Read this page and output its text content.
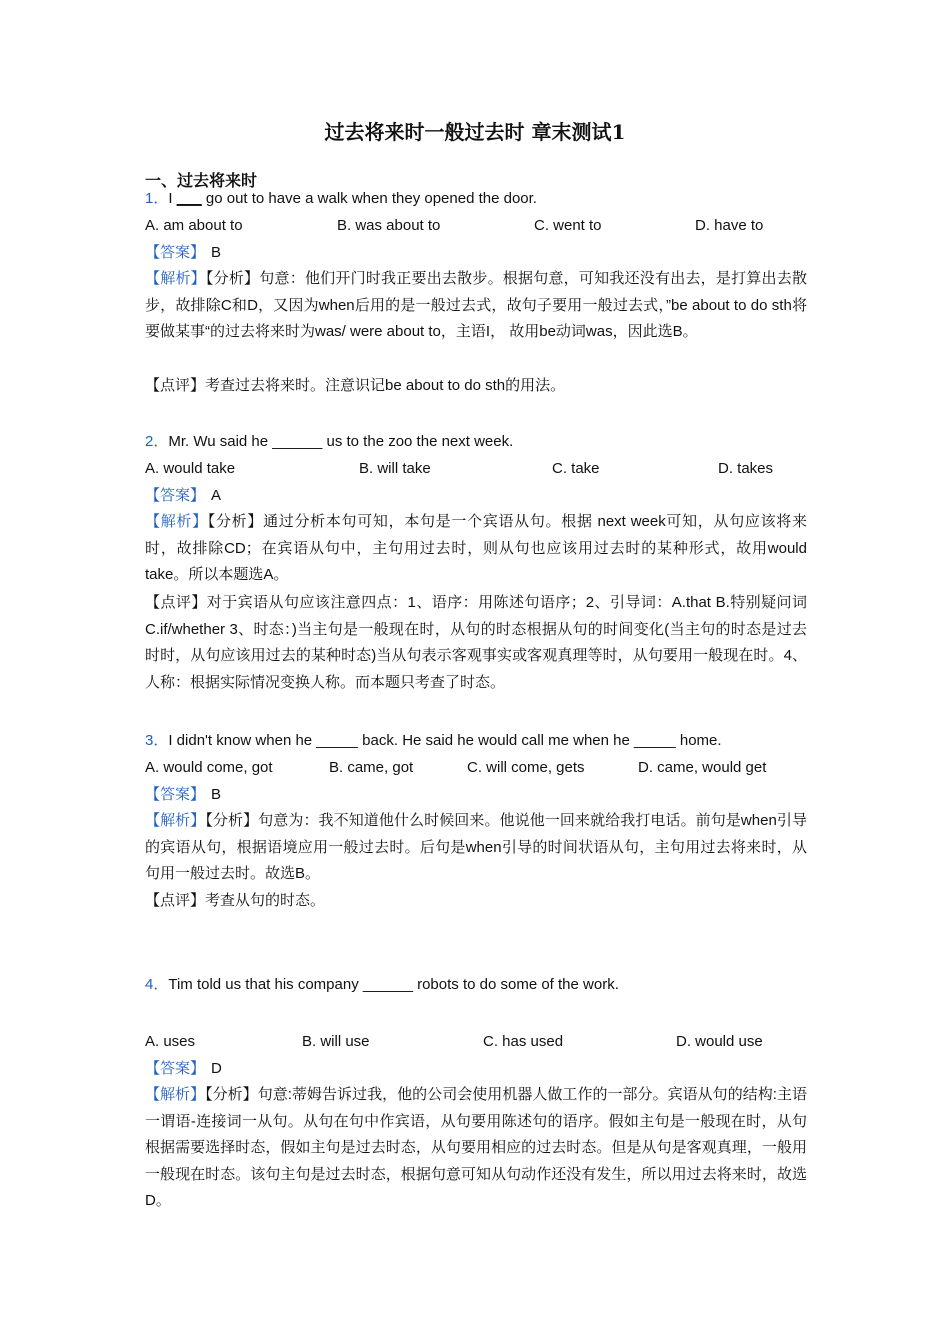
过去将来时一般过去时 章末测试1
一、过去将来时
1．I ___ go out to have a walk when they opened the door.
A. am about to	B. was about to	C. went to	D. have to
【答案】 B
【解析】【分析】句意：他们开门时我正要出去散步。根据句意，可知我还没有出去，是打算出去散步，故排除C和D，又因为when后用的是一般过去式，故句子要用一般过去式，”be about to do sth将要做某事“的过去将来时为was/ were about to，主语I， 故用be动词was，因此选B。
【点评】考查过去将来时。注意识记be about to do sth的用法。
2．Mr. Wu said he ______ us to the zoo the next week.
A. would take	B. will take	C. take	D. takes
【答案】 A
【解析】【分析】通过分析本句可知，本句是一个宾语从句。根据 next week可知，从句应该将来时，故排除CD；在宾语从句中，主句用过去时，则从句也应该用过去时的某种形式，故用would take。所以本题选A。
【点评】对于宾语从句应该注意四点：1、语序：用陈述句语序；2、引导词：A.that B.特别疑问词 C.if/whether 3、时态：)当主句是一般现在时，从句的时态根据从句的时间变化(当主句的时态是过去时时，从句应该用过去的某种时态)当从句表示客观事实或客观真理等时，从句要用一般现在时。4、人称：根据实际情况变换人称。而本题只考查了时态。
3．I didn't know when he _____ back. He said he would call me when he _____ home.
A. would come, got	B. came, got	C. will come, gets	D. came, would get
【答案】 B
【解析】【分析】句意为：我不知道他什么时候回来。他说他一回来就给我打电话。前句是when引导的宾语从句，根据语境应用一般过去时。后句是when引导的时间状语从句，主句用过去将来时，从句用一般过去时。故选B。
【点评】考查从句的时态。
4．Tim told us that his company ______ robots to do some of the work.
A. uses	B. will use	C. has used	D. would use
【答案】 D
【解析】【分析】句意:蒂姆告诉过我，他的公司会使用机器人做工作的一部分。宾语从句的结构:主语一谓语-连接词一从句。从句在句中作宾语，从句要用陈述句的语序。假如主句是一般现在时，从句根据需要选择时态，假如主句是过去时态，从句要用相应的过去时态。但是从句是客观真理，一般用一般现在时态。该句主句是过去时态，根据句意可知从句动作还没有发生，所以用过去将来时，故选D。
